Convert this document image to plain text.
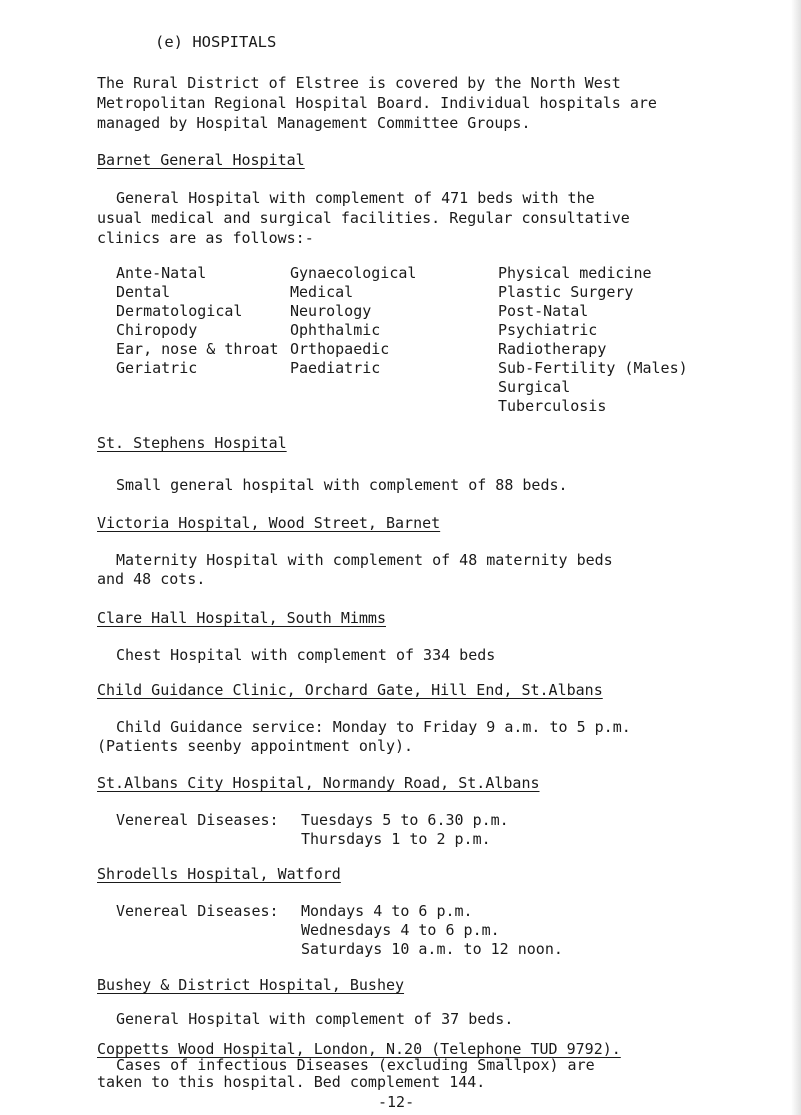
(e) HOSPITALS
The Rural District of Elstree is covered by the North West
Metropolitan Regional Hospital Board. Individual hospitals are
managed by Hospital Management Committee Groups.
Barnet General Hospital
General Hospital with complement of 471 beds with the
usual medical and surgical facilities. Regular consultative
clinics are as follows:-
Ante-Natal
Dental
Dermatological
Chiropody
Ear, nose & throat
Geriatric
Gynaecological
Medical
Neurology
Ophthalmic
Orthopaedic
Paediatric
Physical medicine
Plastic Surgery
Post-Natal
Psychiatric
Radiotherapy
Sub-Fertility (Males)
Surgical
Tuberculosis
St. Stephens Hospital
Small general hospital with complement of 88 beds.
Victoria Hospital, Wood Street, Barnet
Maternity Hospital with complement of 48 maternity beds
and 48 cots.
Clare Hall Hospital, South Mimms
Chest Hospital with complement of 334 beds
Child Guidance Clinic, Orchard Gate, Hill End, St.Albans
Child Guidance service: Monday to Friday 9 a.m. to 5 p.m.
(Patients seenby appointment only).
St.Albans City Hospital, Normandy Road, St.Albans
Venereal Diseases: Tuesdays 5 to 6.30 p.m.
Thursdays 1 to 2 p.m.
Shrodells Hospital, Watford
Venereal Diseases: Mondays 4 to 6 p.m.
Wednesdays 4 to 6 p.m.
Saturdays 10 a.m. to 12 noon.
Bushey & District Hospital, Bushey
General Hospital with complement of 37 beds.
Coppetts Wood Hospital, London, N.20 (Telephone TUD 9792).
Cases of infectious Diseases (excluding Smallpox) are
taken to this hospital. Bed complement 144.
-12-
